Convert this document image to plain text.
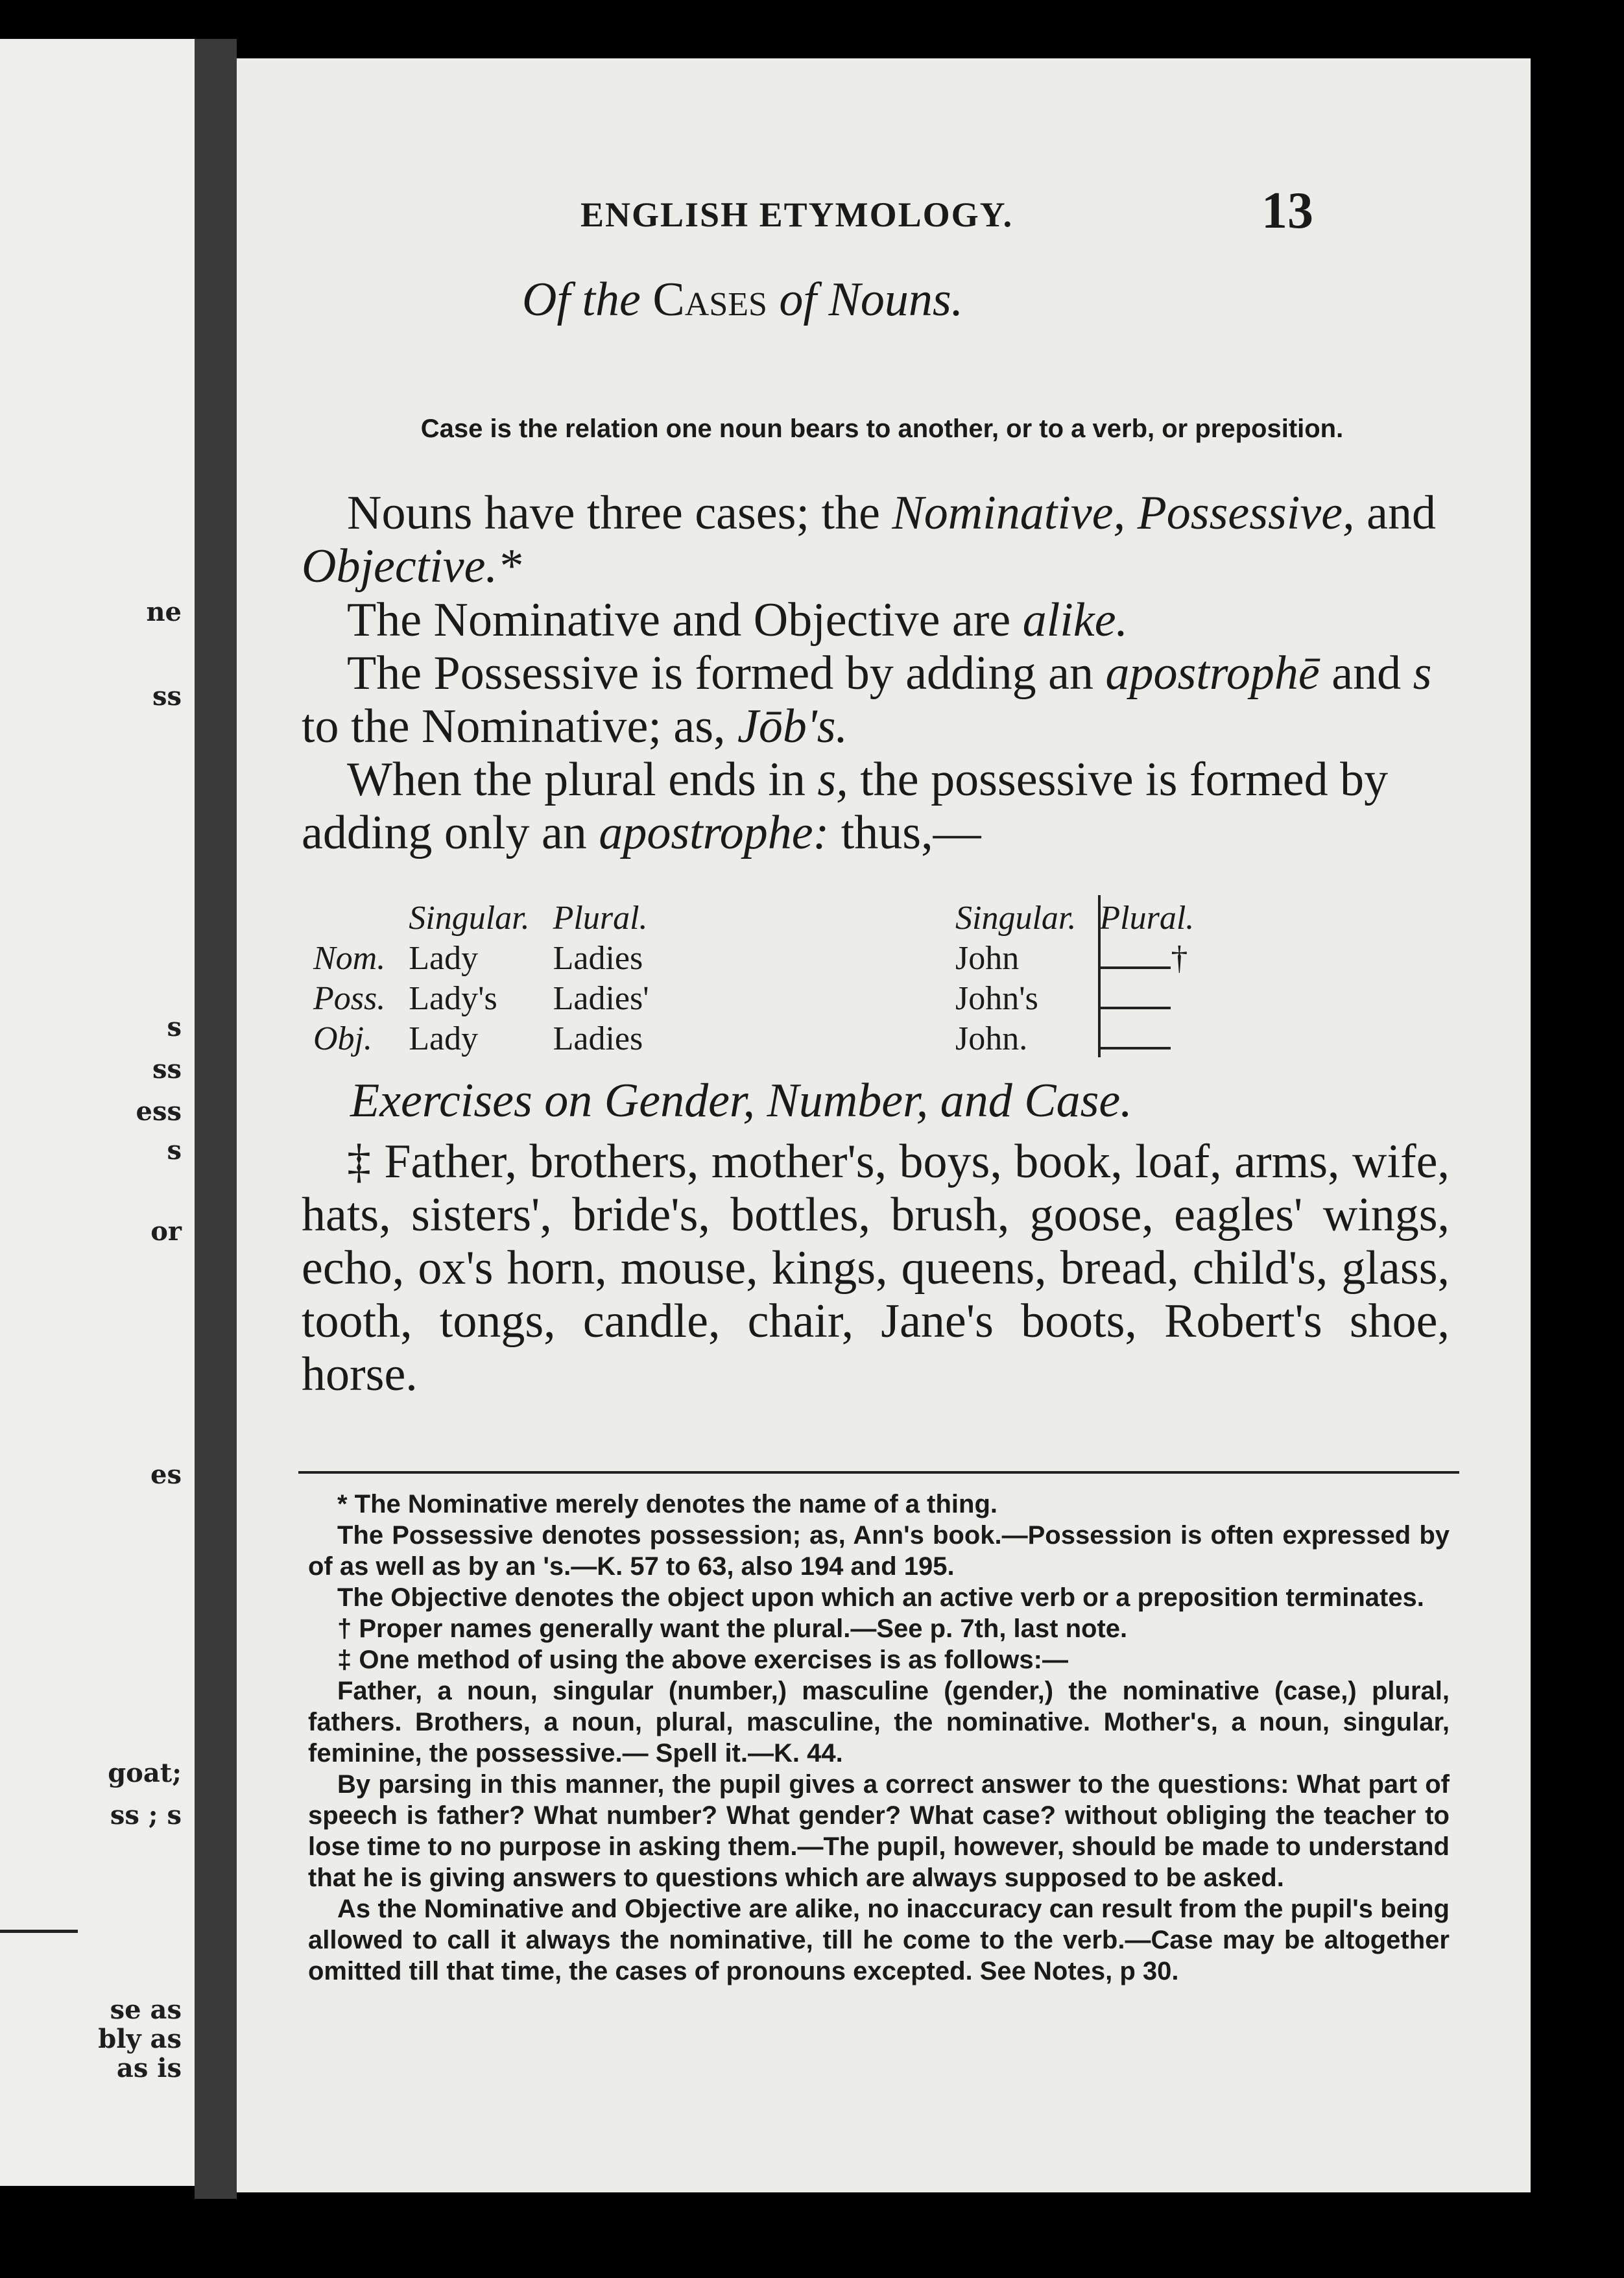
ne
ss
s
ss
ess
s
or
es
goat;
ss ; s
se as
bly as
as is
ENGLISH ETYMOLOGY.	13
Of the Cases of Nouns.
Case is the relation one noun bears to another, or to a verb, or preposition.
Nouns have three cases; the Nominative, Possessive, and Objective.*
The Nominative and Objective are alike.
The Possessive is formed by adding an apostrophē and s to the Nominative; as, Jōb's.
When the plural ends in s, the possessive is formed by adding only an apostrophe: thus,—
	Singular.	Plural.
Nom.	Lady	Ladies
Poss.	Lady's	Ladies'
Obj.	Lady	Ladies
Singular.	Plural.
John	†
John's	
John.	
Exercises on Gender, Number, and Case.
‡ Father, brothers, mother's, boys, book, loaf, arms, wife, hats, sisters', bride's, bottles, brush, goose, eagles' wings, echo, ox's horn, mouse, kings, queens, bread, child's, glass, tooth, tongs, candle, chair, Jane's boots, Robert's shoe, horse.

* The Nominative merely denotes the name of a thing.

The Possessive denotes possession; as, Ann's book.—Possession is often expressed by of as well as by an 's.—K. 57 to 63, also 194 and 195.

The Objective denotes the object upon which an active verb or a preposition terminates.

† Proper names generally want the plural.—See p. 7th, last note.

‡ One method of using the above exercises is as follows:—

Father, a noun, singular (number,) masculine (gender,) the nominative (case,) plural, fathers. Brothers, a noun, plural, masculine, the nominative. Mother's, a noun, singular, feminine, the possessive.— Spell it.—K. 44.

By parsing in this manner, the pupil gives a correct answer to the questions: What part of speech is father? What number? What gender? What case? without obliging the teacher to lose time to no purpose in asking them.—The pupil, however, should be made to understand that he is giving answers to questions which are always supposed to be asked.

As the Nominative and Objective are alike, no inaccuracy can result from the pupil's being allowed to call it always the nominative, till he come to the verb.—Case may be altogether omitted till that time, the cases of pronouns excepted. See Notes, p 30.
